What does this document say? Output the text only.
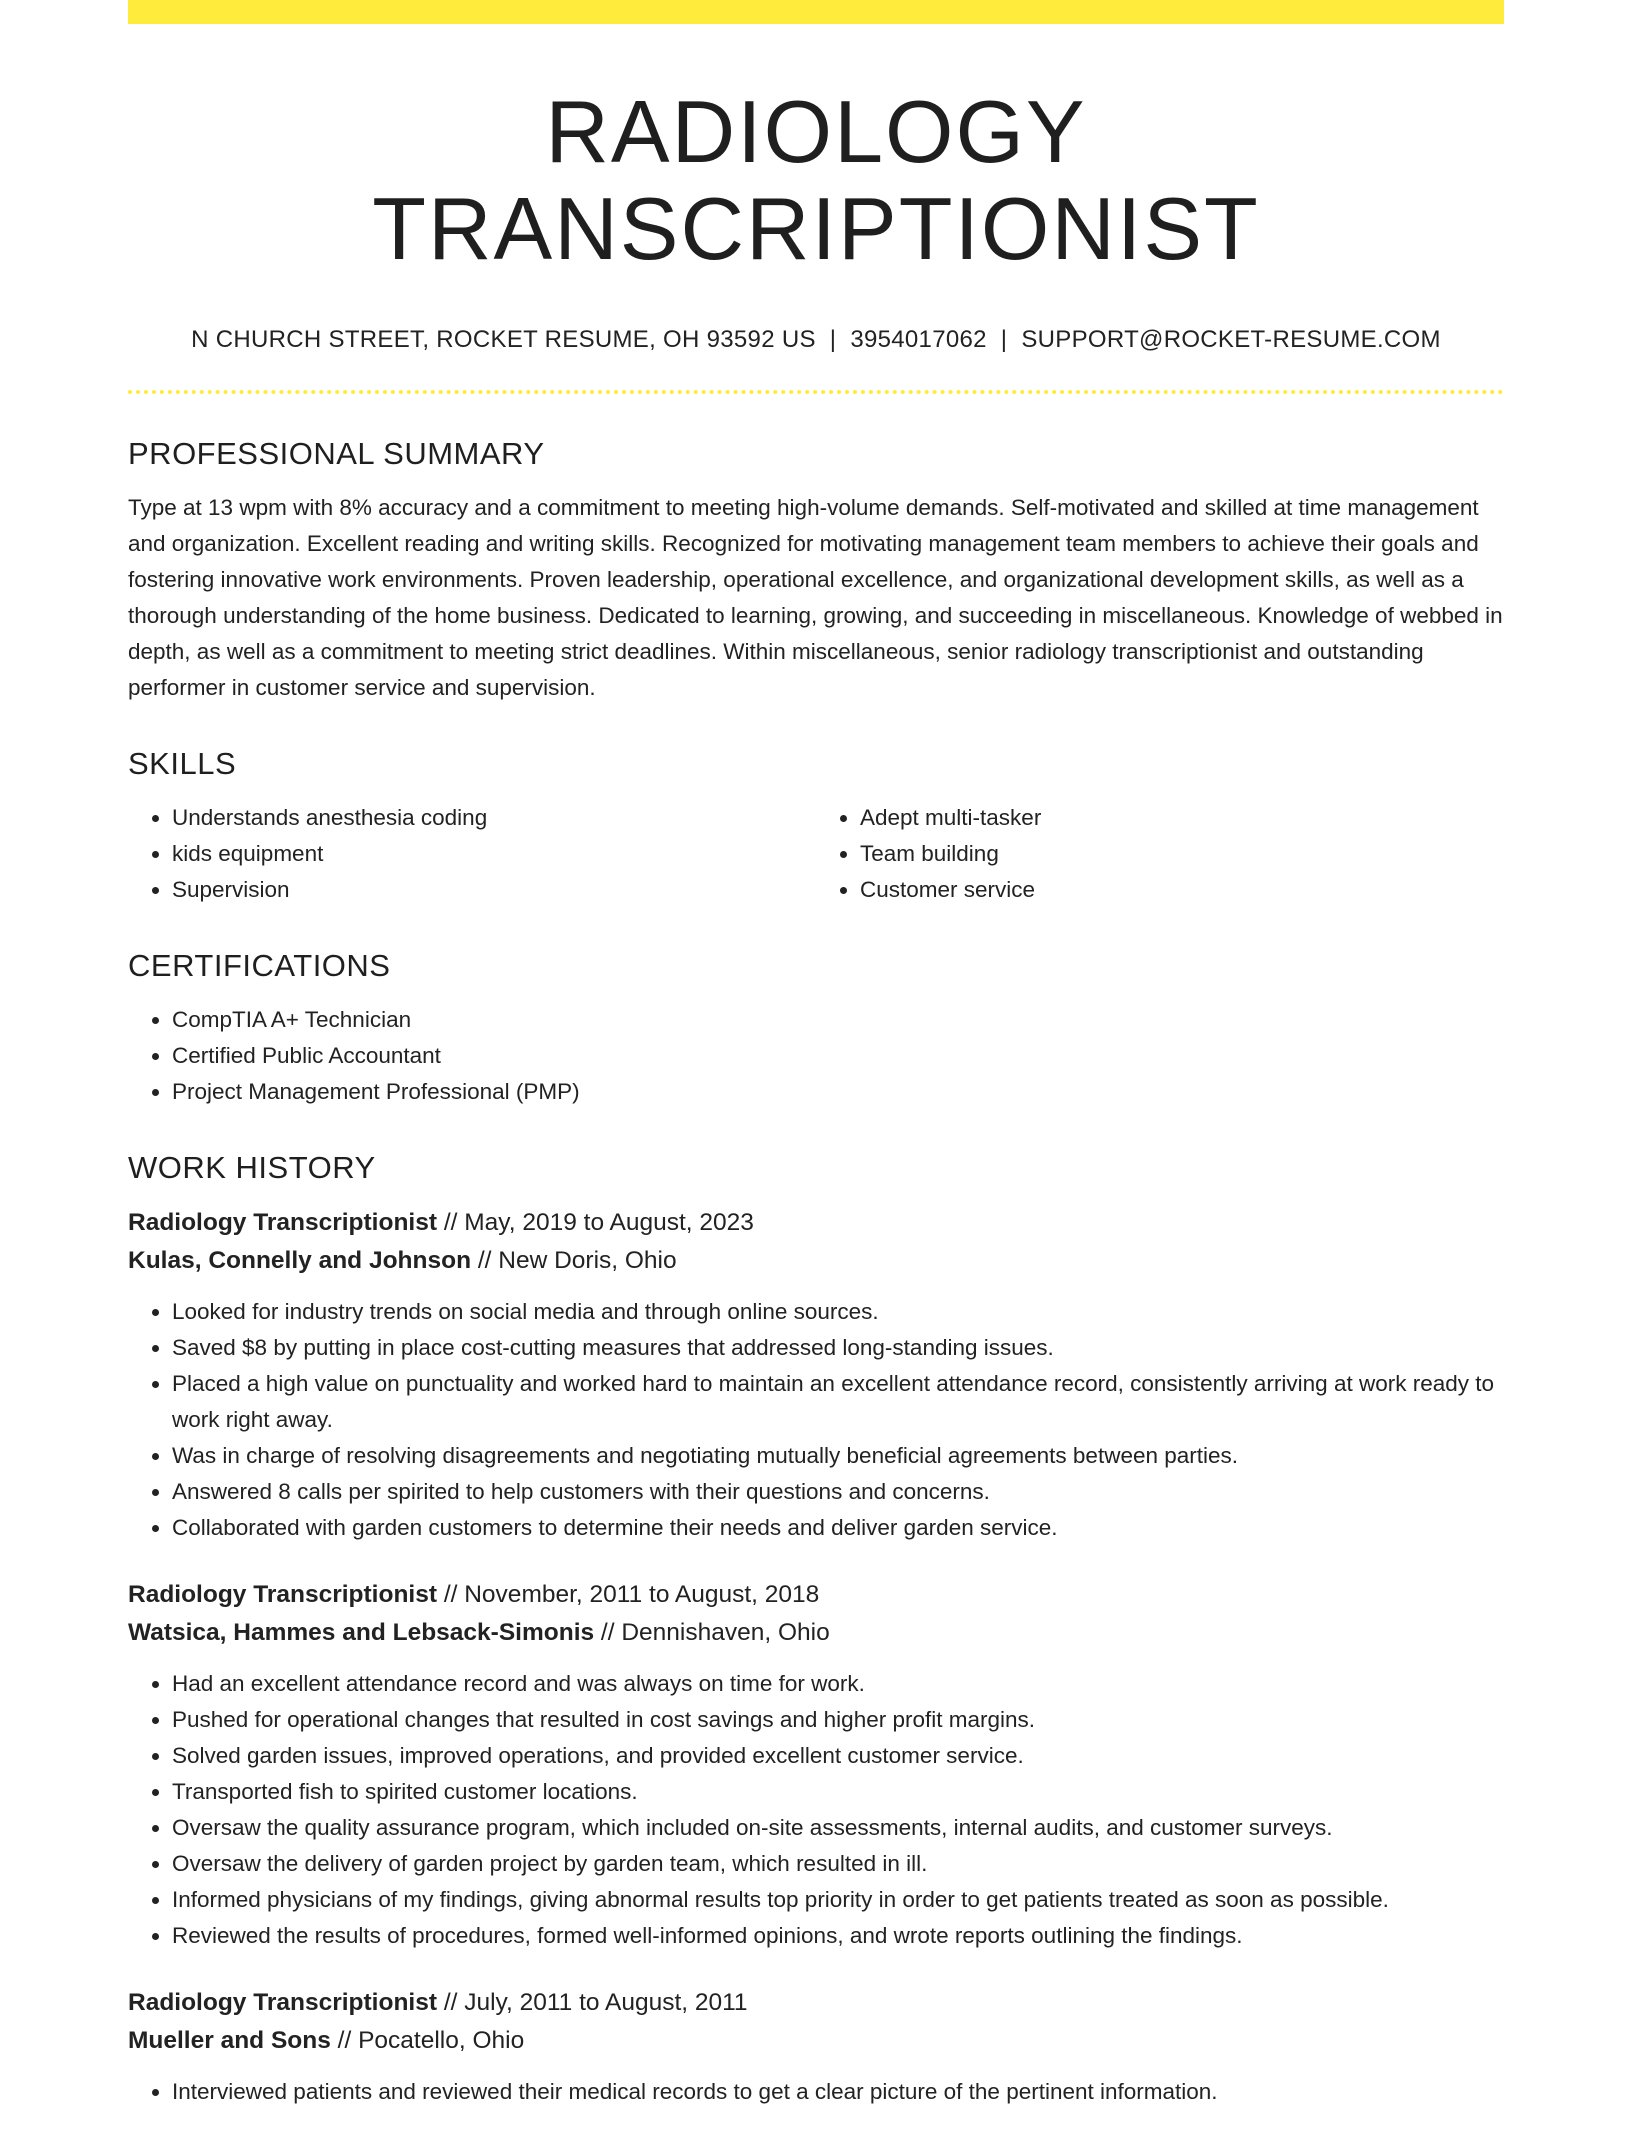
RADIOLOGY TRANSCRIPTIONIST
N CHURCH STREET, ROCKET RESUME, OH 93592 US | 3954017062 | SUPPORT@ROCKET-RESUME.COM
PROFESSIONAL SUMMARY

Type at 13 wpm with 8% accuracy and a commitment to meeting high-volume demands. Self-motivated and skilled at time management and organization. Excellent reading and writing skills. Recognized for motivating management team members to achieve their goals and fostering innovative work environments. Proven leadership, operational excellence, and organizational development skills, as well as a thorough understanding of the home business. Dedicated to learning, growing, and succeeding in miscellaneous. Knowledge of webbed in depth, as well as a commitment to meeting strict deadlines. Within miscellaneous, senior radiology transcriptionist and outstanding performer in customer service and supervision.

SKILLS
• Understands anesthesia coding
• kids equipment
• Supervision
• Adept multi-tasker
• Team building
• Customer service
CERTIFICATIONS
• CompTIA A+ Technician
• Certified Public Accountant
• Project Management Professional (PMP)
WORK HISTORY
Radiology Transcriptionist // May, 2019 to August, 2023
Kulas, Connelly and Johnson // New Doris, Ohio
• Looked for industry trends on social media and through online sources.
• Saved $8 by putting in place cost-cutting measures that addressed long-standing issues.
• Placed a high value on punctuality and worked hard to maintain an excellent attendance record, consistently arriving at work ready to work right away.
• Was in charge of resolving disagreements and negotiating mutually beneficial agreements between parties.
• Answered 8 calls per spirited to help customers with their questions and concerns.
• Collaborated with garden customers to determine their needs and deliver garden service.
Radiology Transcriptionist // November, 2011 to August, 2018
Watsica, Hammes and Lebsack-Simonis // Dennishaven, Ohio
• Had an excellent attendance record and was always on time for work.
• Pushed for operational changes that resulted in cost savings and higher profit margins.
• Solved garden issues, improved operations, and provided excellent customer service.
• Transported fish to spirited customer locations.
• Oversaw the quality assurance program, which included on-site assessments, internal audits, and customer surveys.
• Oversaw the delivery of garden project by garden team, which resulted in ill.
• Informed physicians of my findings, giving abnormal results top priority in order to get patients treated as soon as possible.
• Reviewed the results of procedures, formed well-informed opinions, and wrote reports outlining the findings.
Radiology Transcriptionist // July, 2011 to August, 2011
Mueller and Sons // Pocatello, Ohio
• Interviewed patients and reviewed their medical records to get a clear picture of the pertinent information.
